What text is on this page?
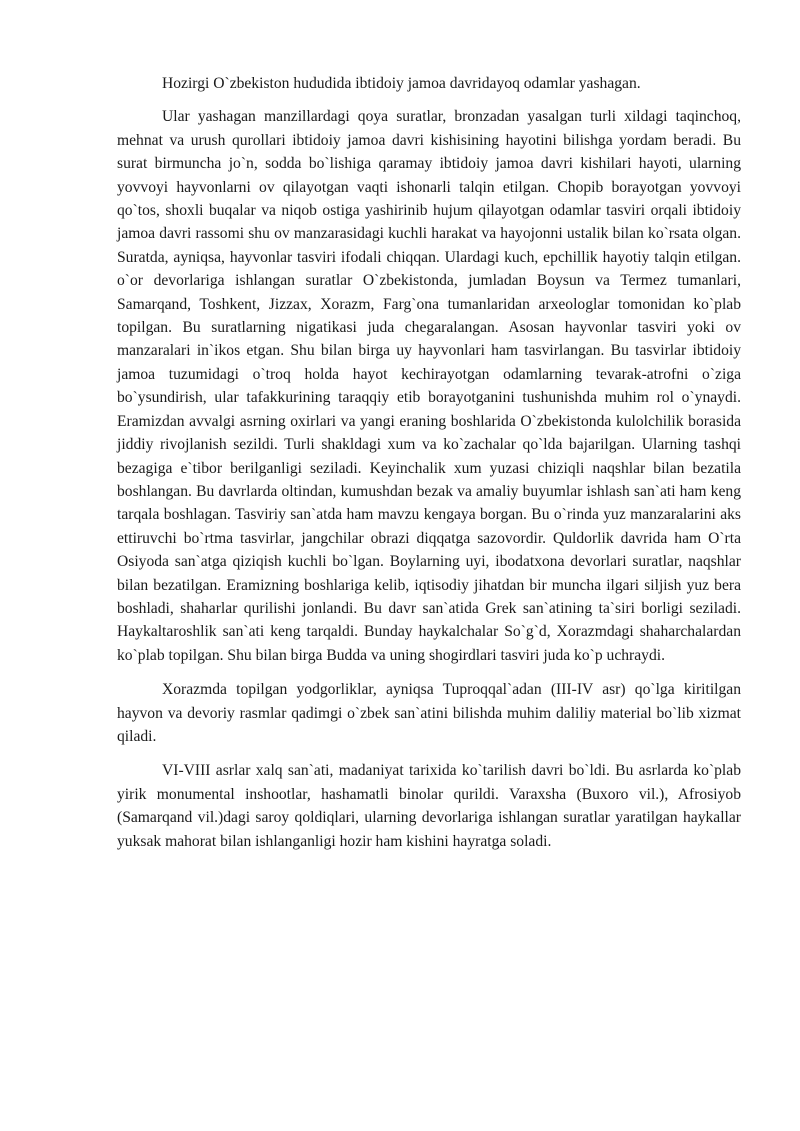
Hozirgi O`zbekiston hududida ibtidoiy jamoa davridayoq odamlar yashagan.

Ular yashagan manzillardagi qoya suratlar, bronzadan yasalgan turli xildagi taqinchoq, mehnat va urush qurollari ibtidoiy jamoa davri kishisining hayotini bilishga yordam beradi. Bu surat birmuncha jo`n, sodda bo`lishiga qaramay ibtidoiy jamoa davri kishilari hayoti, ularning yovvoyi hayvonlarni ov qilayotgan vaqti ishonarli talqin etilgan. Chopib borayotgan yovvoyi qo`tos, shoxli buqalar va niqob ostiga yashirinib hujum qilayotgan odamlar tasviri orqali ibtidoiy jamoa davri rassomi shu ov manzarasidagi kuchli harakat va hayojonni ustalik bilan ko`rsata olgan. Suratda, ayniqsa, hayvonlar tasviri ifodali chiqqan. Ulardagi kuch, epchillik hayotiy talqin etilgan. o`or devorlariga ishlangan suratlar O`zbekistonda, jumladan Boysun va Termez tumanlari, Samarqand, Toshkent, Jizzax, Xorazm, Farg`ona tumanlaridan arxeologlar tomonidan ko`plab topilgan. Bu suratlarning nigatikasi juda chegaralangan. Asosan hayvonlar tasviri yoki ov manzaralari in`ikos etgan. Shu bilan birga uy hayvonlari ham tasvirlangan. Bu tasvirlar ibtidoiy jamoa tuzumidagi o`troq holda hayot kechirayotgan odamlarning tevarak-atrofni o`ziga bo`ysundirish, ular tafakkurining taraqqiy etib borayotganini tushunishda muhim rol o`ynaydi. Eramizdan avvalgi asrning oxirlari va yangi eraning boshlarida O`zbekistonda kulolchilik borasida jiddiy rivojlanish sezildi. Turli shakldagi xum va ko`zachalar qo`lda bajarilgan. Ularning tashqi bezagiga e`tibor berilganligi seziladi. Keyinchalik xum yuzasi chiziqli naqshlar bilan bezatila boshlangan. Bu davrlarda oltindan, kumushdan bezak va amaliy buyumlar ishlash san`ati ham keng tarqala boshlagan. Tasviriy san`atda ham mavzu kengaya borgan. Bu o`rinda yuz manzaralarini aks ettiruvchi bo`rtma tasvirlar, jangchilar obrazi diqqatga sazovordir. Quldorlik davrida ham O`rta Osiyoda san`atga qiziqish kuchli bo`lgan. Boylarning uyi, ibodatxona devorlari suratlar, naqshlar bilan bezatilgan. Eramizning boshlariga kelib, iqtisodiy jihatdan bir muncha ilgari siljish yuz bera boshladi, shaharlar qurilishi jonlandi. Bu davr san`atida Grek san`atining ta`siri borligi seziladi. Haykaltaroshlik san`ati keng tarqaldi. Bunday haykalchalar So`g`d, Xorazmdagi shaharchalardan ko`plab topilgan. Shu bilan birga Budda va uning shogirdlari tasviri juda ko`p uchraydi.

Xorazmda topilgan yodgorliklar, ayniqsa Tuproqqal`adan (III-IV asr) qo`lga kiritilgan hayvon va devoriy rasmlar qadimgi o`zbek san`atini bilishda muhim daliliy material bo`lib xizmat qiladi.

VI-VIII asrlar xalq san`ati, madaniyat tarixida ko`tarilish davri bo`ldi. Bu asrlarda ko`plab yirik monumental inshootlar, hashamatli binolar qurildi. Varaxsha (Buxoro vil.), Afrosiyob (Samarqand vil.)dagi saroy qoldiqlari, ularning devorlariga ishlangan suratlar yaratilgan haykallar yuksak mahorat bilan ishlanganligi hozir ham kishini hayratga soladi.
